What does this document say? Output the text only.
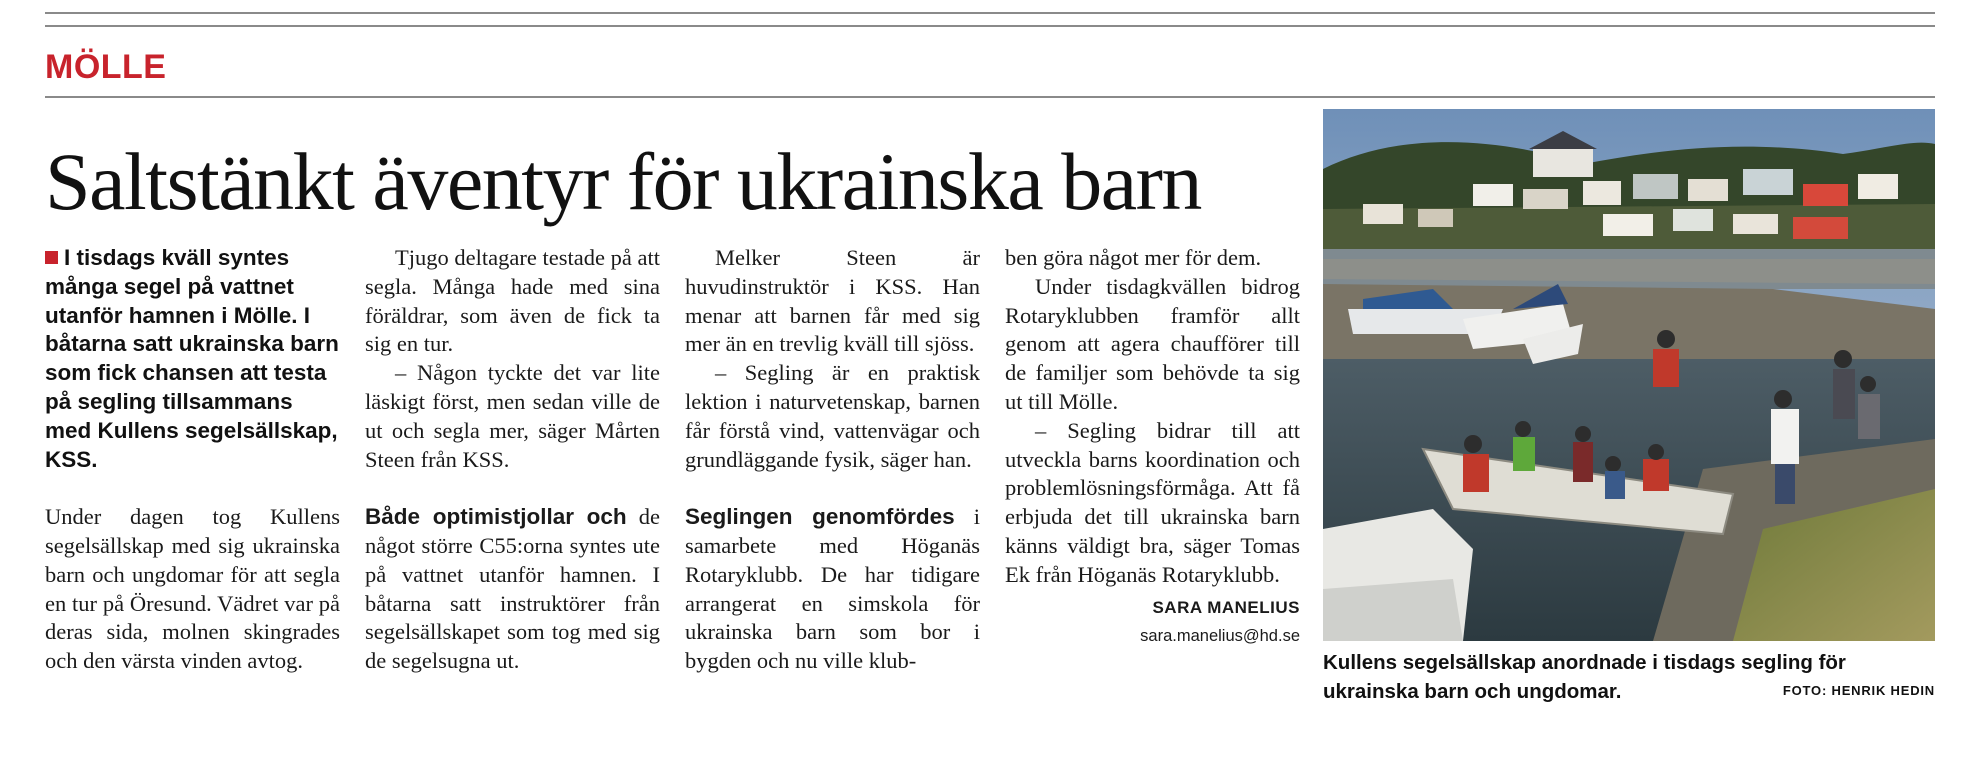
MÖLLE
Saltstänkt äventyr för ukrainska barn

I tisdags kväll syntes många segel på vattnet utanför hamnen i Mölle. I båtarna satt ukrainska barn som fick chansen att testa på segling tillsammans med Kullens segelsällskap, KSS.

Under dagen tog Kullens segelsällskap med sig ukrainska barn och ungdomar för att segla en tur på Öresund. Vädret var på deras sida, molnen skingrades och den värsta vinden avtog.

Tjugo deltagare testade på att segla. Många hade med sina föräldrar, som även de fick ta sig en tur.

– Någon tyckte det var lite läskigt först, men sedan ville de ut och segla mer, säger Mårten Steen från KSS.

Både optimistjollar och de något större C55:orna syntes ute på vattnet utanför hamnen. I båtarna satt instruktörer från segelsällskapet som tog med sig de segelsugna ut.

Melker Steen är huvudinstruktör i KSS. Han menar att barnen får med sig mer än en trevlig kväll till sjöss.

– Segling är en praktisk lektion i naturvetenskap, barnen får förstå vind, vattenvägar och grundläggande fysik, säger han.

Seglingen genomfördes i samarbete med Höganäs Rotaryklubb. De har tidigare arrangerat en simskola för ukrainska barn som bor i bygden och nu ville klub-

ben göra något mer för dem.

Under tisdagkvällen bidrog Rotaryklubben framför allt genom att agera chaufförer till de familjer som behövde ta sig ut till Mölle.

– Segling bidrar till att utveckla barns koordination och problemlösningsförmåga. Att få erbjuda det till ukrainska barn känns väldigt bra, säger Tomas Ek från Höganäs Rotaryklubb.

SARA MANELIUS

sara.manelius@hd.se

Kullens segelsällskap anordnade i tisdags segling för ukrainska barn och ungdomar.	FOTO: HENRIK HEDIN
